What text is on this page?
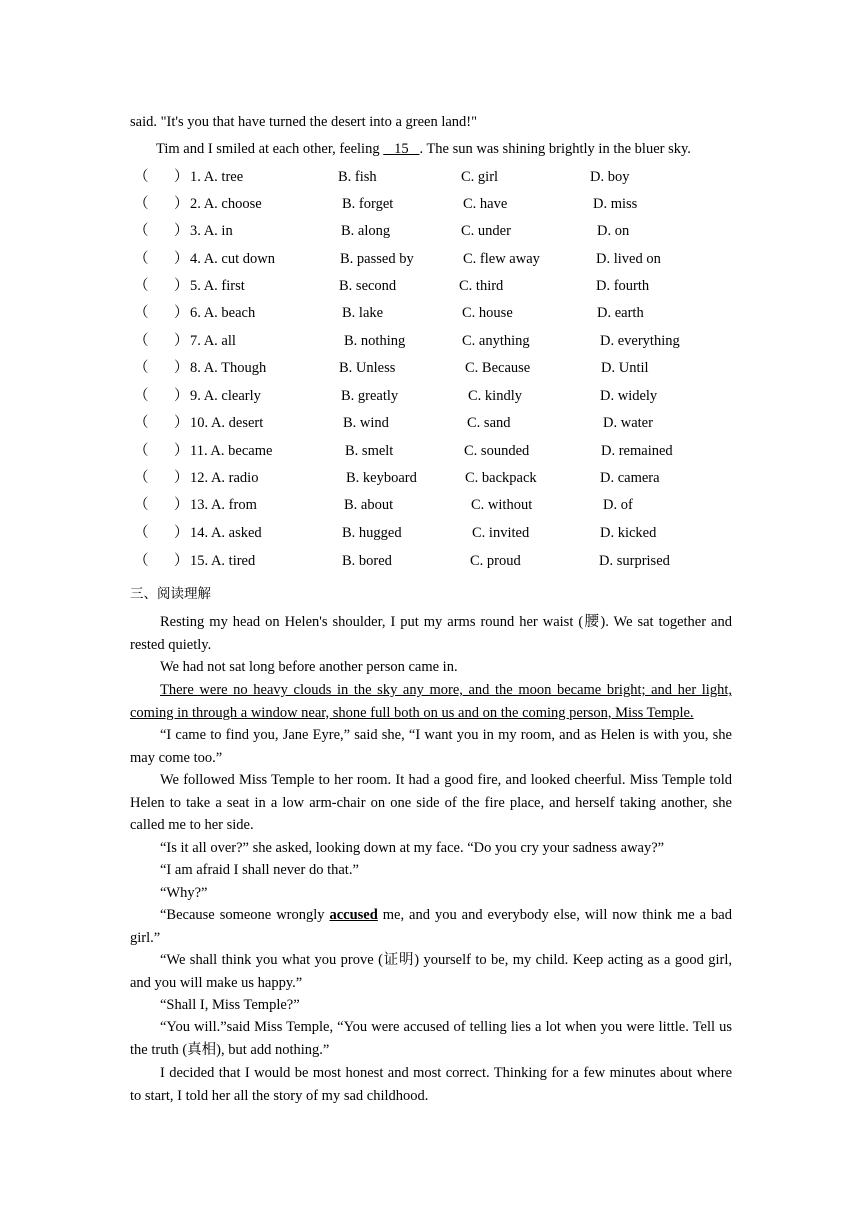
said. "It's you that have turned the desert into a green land!"
Tim and I smiled at each other, feeling 15 . The sun was shining brightly in the bluer sky.
（ ） 1. A. tree	B. fish	C. girl	D. boy
（ ） 2. A. choose	B. forget	C. have	D. miss
（ ） 3. A. in	B. along	C. under	D. on
（ ） 4. A. cut down	B. passed by	C. flew away	D. lived on
（ ） 5. A. first	B. second	C. third	D. fourth
（ ） 6. A. beach	B. lake	C. house	D. earth
（ ） 7. A. all	B. nothing	C. anything	D. everything
（ ） 8. A. Though	B. Unless	C. Because	D. Until
（ ） 9. A. clearly	B. greatly	C. kindly	D. widely
（ ） 10. A. desert	B. wind	C. sand	D. water
（ ） 11. A. became	B. smelt	C. sounded	D. remained
（ ） 12. A. radio	B. keyboard	C. backpack	D. camera
（ ） 13. A. from	B. about	C. without	D. of
（ ） 14. A. asked	B. hugged	C. invited	D. kicked
（ ） 15. A. tired	B. bored	C. proud	D. surprised
三、阅读理解
Resting my head on Helen's shoulder, I put my arms round her waist (腰). We sat together and rested quietly.
We had not sat long before another person came in.
There were no heavy clouds in the sky any more, and the moon became bright; and her light, coming in through a window near, shone full both on us and on the coming person, Miss Temple.
“I came to find you, Jane Eyre,” said she, “I want you in my room, and as Helen is with you, she may come too.”
We followed Miss Temple to her room. It had a good fire, and looked cheerful. Miss Temple told Helen to take a seat in a low arm-chair on one side of the fire place, and herself taking another, she called me to her side.
“Is it all over?” she asked, looking down at my face. “Do you cry your sadness away?”
“I am afraid I shall never do that.”
“Why?”
“Because someone wrongly accused me, and you and everybody else, will now think me a bad girl.”
“We shall think you what you prove (证明) yourself to be, my child. Keep acting as a good girl, and you will make us happy.”
“Shall I, Miss Temple?”
“You will.”said Miss Temple, “You were accused of telling lies a lot when you were little. Tell us the truth (真相), but add nothing.”
I decided that I would be most honest and most correct. Thinking for a few minutes about where to start, I told her all the story of my sad childhood.
